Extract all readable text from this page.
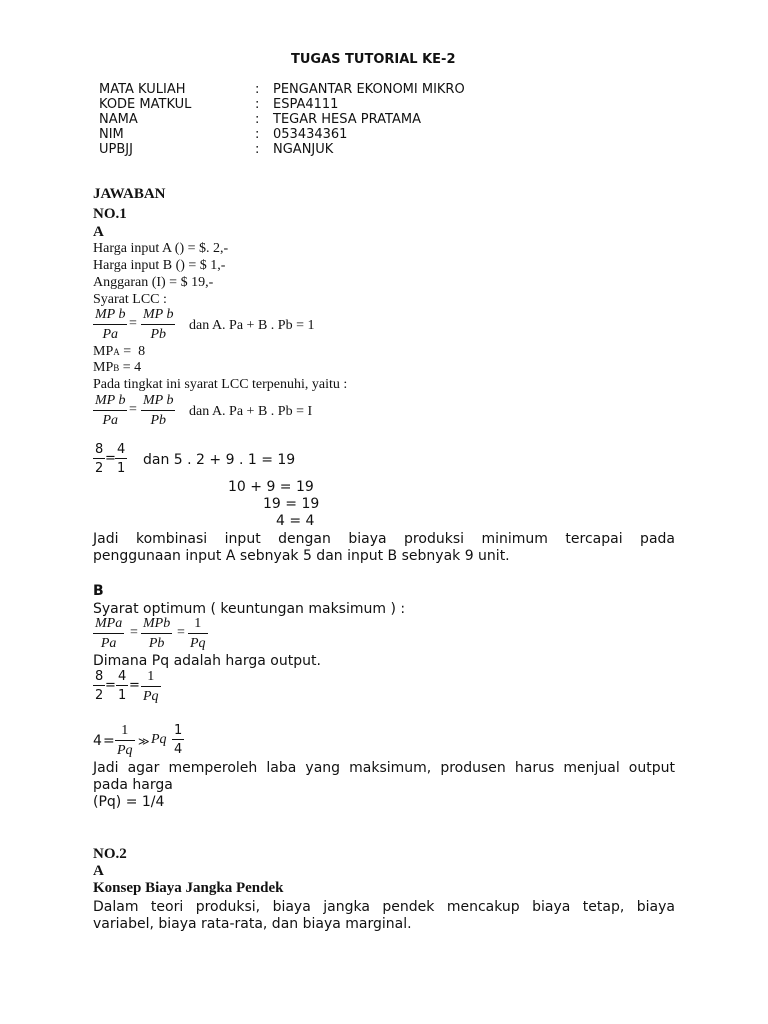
TUGAS TUTORIAL KE-2
MATA KULIAH	: PENGANTAR EKONOMI MIKRO
KODE MATKUL	: ESPA4111
NAMA	: TEGAR HESA PRATAMA
NIM	: 053434361
UPBJJ	: NGANJUK
JAWABAN
NO.1
A
Harga input A () = $. 2,-
Harga input B () = $ 1,-
Anggaran (I) = $ 19,-
Syarat LCC :
$\frac{\text{MP b}}{Pa} = \frac{\text{MP b}}{Pb}$ dan A. Pa + B . Pb = 1
MPA =  8
MPB = 4
Pada tingkat ini syarat LCC terpenuhi, yaitu :
$\frac{\text{MP b}}{Pa} = \frac{\text{MP b}}{Pb}$ dan A. Pa + B . Pb = I
$\frac{8}{2} = \frac{4}{1}$ dan 5 . 2 + 9 . 1 = 19
10 + 9 = 19
19 = 19
4 = 4
Jadi kombinasi input dengan biaya produksi minimum tercapai pada
penggunaan input A sebnyak 5 dan input B sebnyak 9 unit.
B
Syarat optimum ( keuntungan maksimum ) :
MPa
Pa
=
MPb
Pb
= $\frac{1}{Pq}$
Dimana Pq adalah harga output.
$\frac{8}{2} = \frac{4}{1} = \frac{1}{Pq}$
$4 = \frac{1}{Pq}$ ≫ Pq $\frac{1}{4}$
Jadi agar memperoleh laba yang maksimum, produsen harus menjual output
pada harga
(Pq) = 1/4
NO.2
A
Konsep Biaya Jangka Pendek
Dalam teori produksi, biaya jangka pendek mencakup biaya tetap, biaya
variabel, biaya rata-rata, dan biaya marginal.
